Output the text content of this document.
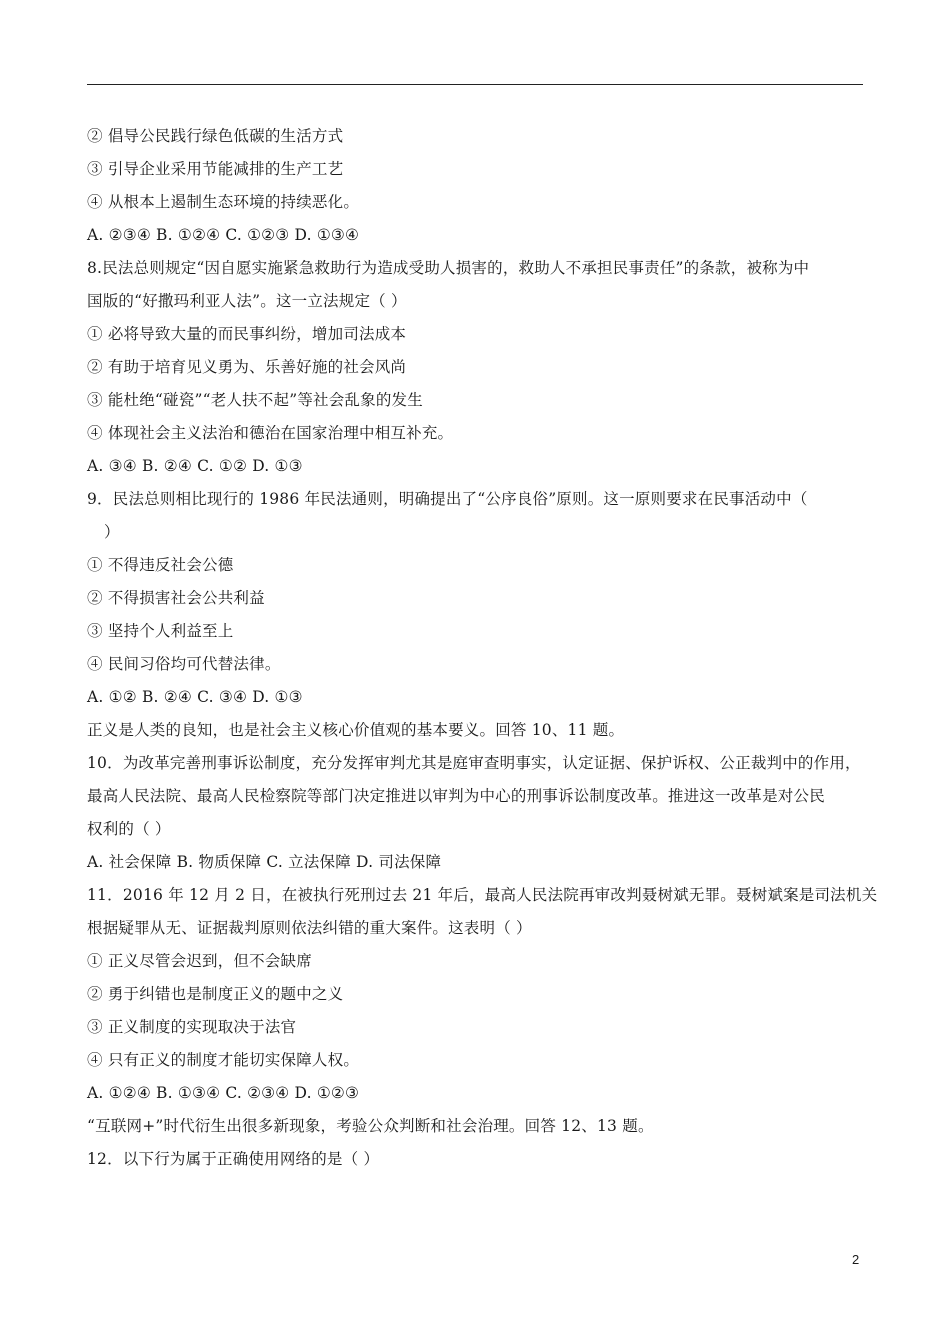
② 倡导公民践行绿色低碳的生活方式
③ 引导企业采用节能减排的生产工艺
④ 从根本上遏制生态环境的持续恶化。
A. ②③④ B. ①②④ C. ①②③ D. ①③④
8.民法总则规定“因自愿实施紧急救助行为造成受助人损害的，救助人不承担民事责任”的条款，被称为中
国版的“好撒玛利亚人法”。这一立法规定（ ）
① 必将导致大量的而民事纠纷，增加司法成本
② 有助于培育见义勇为、乐善好施的社会风尚
③ 能杜绝“碰瓷”“老人扶不起”等社会乱象的发生
④ 体现社会主义法治和德治在国家治理中相互补充。
A. ③④ B. ②④ C. ①② D. ①③
9．民法总则相比现行的 1986 年民法通则，明确提出了“公序良俗”原则。这一原则要求在民事活动中（
）
① 不得违反社会公德
② 不得损害社会公共利益
③ 坚持个人利益至上
④ 民间习俗均可代替法律。
A. ①② B. ②④ C. ③④ D. ①③
正义是人类的良知，也是社会主义核心价值观的基本要义。回答 10、11 题。
10．为改革完善刑事诉讼制度，充分发挥审判尤其是庭审查明事实，认定证据、保护诉权、公正裁判中的作用，
最高人民法院、最高人民检察院等部门决定推进以审判为中心的刑事诉讼制度改革。推进这一改革是对公民
权利的（ ）
A. 社会保障 B. 物质保障 C. 立法保障 D. 司法保障
11．2016 年 12 月 2 日，在被执行死刑过去 21 年后，最高人民法院再审改判聂树斌无罪。聂树斌案是司法机关
根据疑罪从无、证据裁判原则依法纠错的重大案件。这表明（ ）
① 正义尽管会迟到，但不会缺席
② 勇于纠错也是制度正义的题中之义
③ 正义制度的实现取决于法官
④ 只有正义的制度才能切实保障人权。
A. ①②④ B. ①③④ C. ②③④ D. ①②③
“互联网+”时代衍生出很多新现象，考验公众判断和社会治理。回答 12、13 题。
12．以下行为属于正确使用网络的是（ ）
2
